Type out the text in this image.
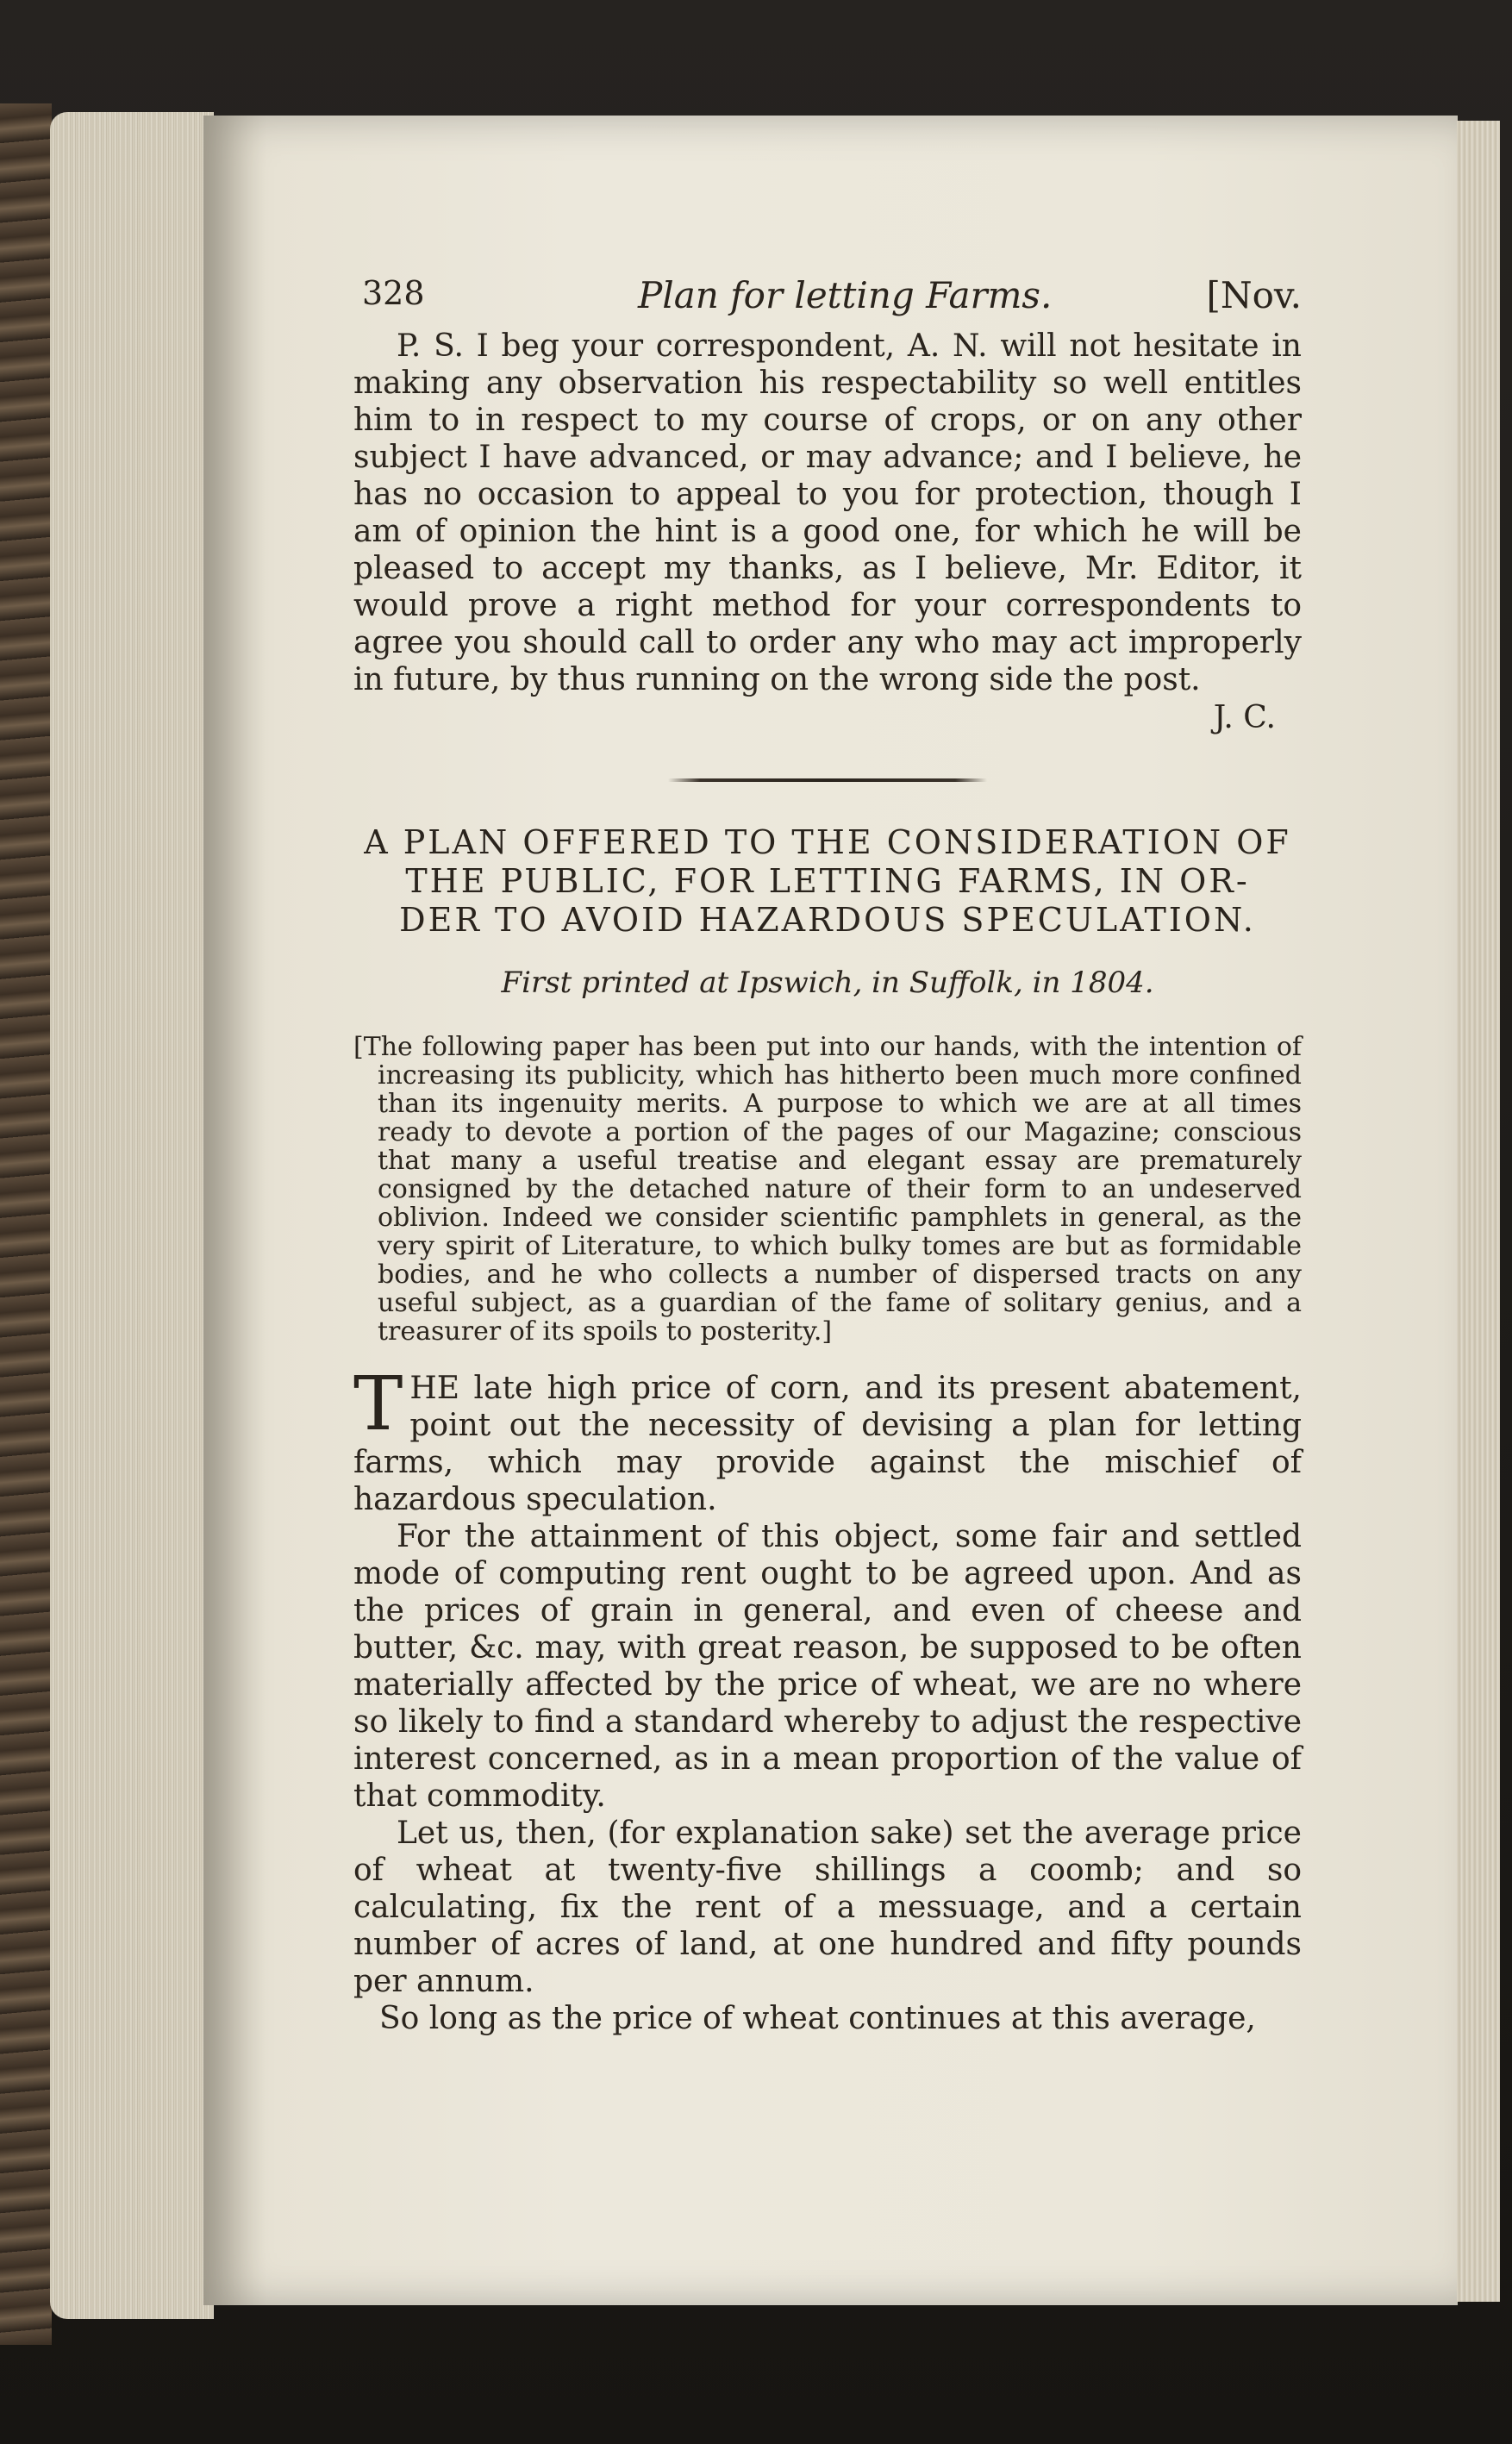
328	Plan for letting Farms.	[Nov.

P. S. I beg your correspondent, A. N. will not hesitate in making any observation his respectability so well entitles him to in respect to my course of crops, or on any other subject I have advanced, or may advance; and I believe, he has no occasion to appeal to you for protection, though I am of opinion the hint is a good one, for which he will be pleased to accept my thanks, as I believe, Mr. Editor, it would prove a right method for your correspondents to agree you should call to order any who may act improperly in future, by thus running on the wrong side the post.

J. C.

A PLAN OFFERED TO THE CONSIDERATION OF
THE PUBLIC, FOR LETTING FARMS, IN OR-
DER TO AVOID HAZARDOUS SPECULATION.

First printed at Ipswich, in Suffolk, in 1804.

[The following paper has been put into our hands, with the intention of increasing its publicity, which has hitherto been much more confined than its ingenuity merits. A purpose to which we are at all times ready to devote a portion of the pages of our Magazine; conscious that many a useful treatise and elegant essay are prematurely consigned by the detached nature of their form to an undeserved oblivion. Indeed we consider scientific pamphlets in general, as the very spirit of Literature, to which bulky tomes are but as formidable bodies, and he who collects a number of dispersed tracts on any useful subject, as a guardian of the fame of solitary genius, and a treasurer of its spoils to posterity.]

THE late high price of corn, and its present abatement, point out the necessity of devising a plan for letting farms, which may provide against the mischief of hazardous speculation.

For the attainment of this object, some fair and settled mode of computing rent ought to be agreed upon. And as the prices of grain in general, and even of cheese and butter, &c. may, with great reason, be supposed to be often materially affected by the price of wheat, we are no where so likely to find a standard whereby to adjust the respective interest concerned, as in a mean proportion of the value of that commodity.

Let us, then, (for explanation sake) set the average price of wheat at twenty-five shillings a coomb; and so calculating, fix the rent of a messuage, and a certain number of acres of land, at one hundred and fifty pounds per annum.

So long as the price of wheat continues at this average,
